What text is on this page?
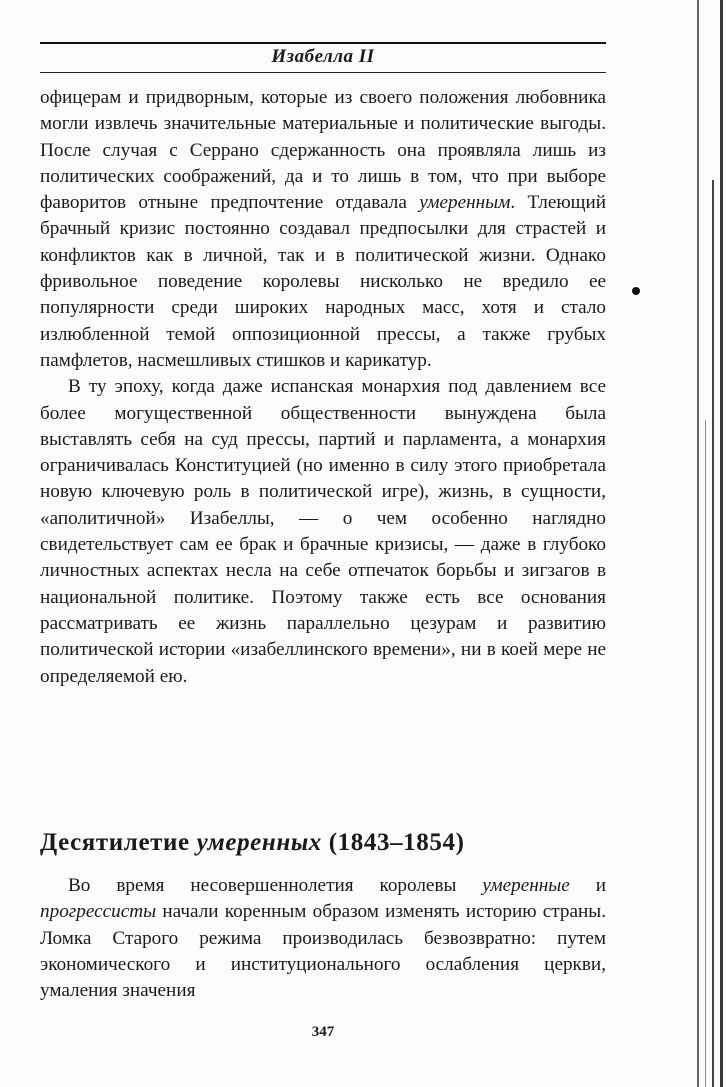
Изабелла II

офицерам и придворным, которые из своего положения любовника могли извлечь значительные материальные и политические выгоды. После случая с Серрано сдержанность она проявляла лишь из политических соображений, да и то лишь в том, что при выборе фаворитов отныне предпочтение отдавала умеренным. Тлеющий брачный кризис постоянно создавал предпосылки для страстей и конфликтов как в личной, так и в политической жизни. Однако фривольное поведение королевы нисколько не вредило ее популярности среди широких народных масс, хотя и стало излюбленной темой оппозиционной прессы, а также грубых памфлетов, насмешливых стишков и карикатур.

В ту эпоху, когда даже испанская монархия под давлением все более могущественной общественности вынуждена была выставлять себя на суд прессы, партий и парламента, а монархия ограничивалась Конституцией (но именно в силу этого приобретала новую ключевую роль в политической игре), жизнь, в сущности, «аполитичной» Изабеллы, — о чем особенно наглядно свидетельствует сам ее брак и брачные кризисы, — даже в глубоко личностных аспектах несла на себе отпечаток борьбы и зигзагов в национальной политике. Поэтому также есть все основания рассматривать ее жизнь параллельно цезурам и развитию политической истории «изабеллинского времени», ни в коей мере не определяемой ею.

Десятилетие умеренных (1843–1854)

Во время несовершеннолетия королевы умеренные и прогрессисты начали коренным образом изменять историю страны. Ломка Старого режима производилась безвозвратно: путем экономического и институционального ослабления церкви, умаления значения

347
